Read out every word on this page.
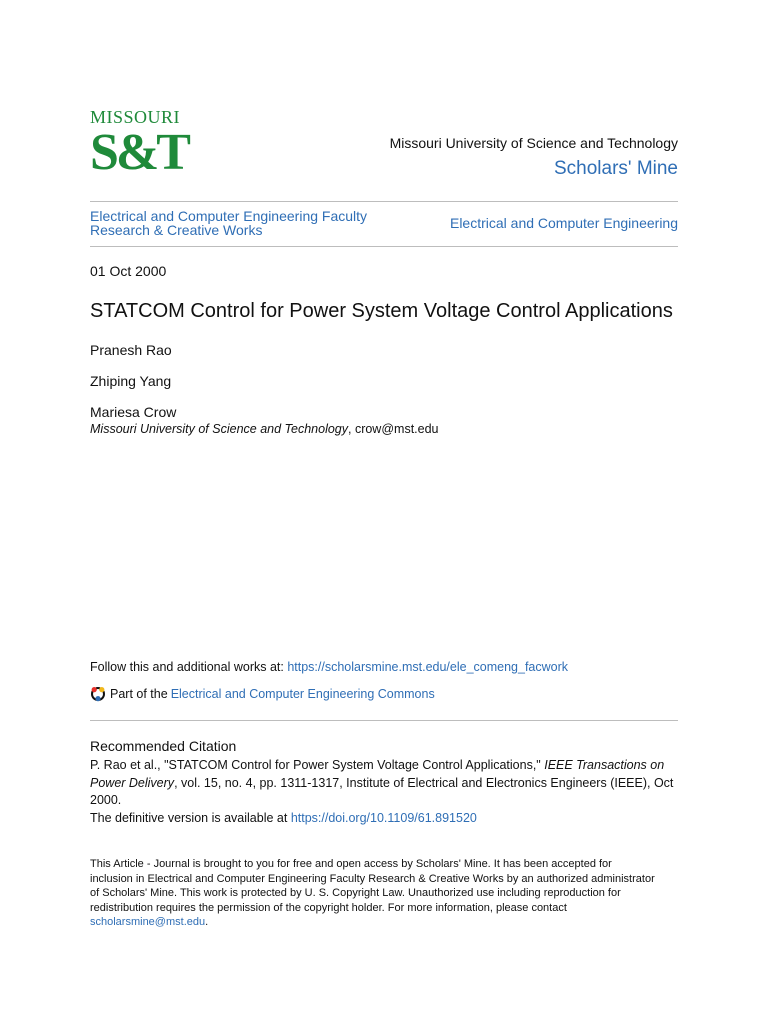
MISSOURI
S&T	Missouri University of Science and Technology
Scholars' Mine
Electrical and Computer Engineering Faculty
Research & Creative Works	Electrical and Computer Engineering
01 Oct 2000
STATCOM Control for Power System Voltage Control Applications
Pranesh Rao
Zhiping Yang
Mariesa Crow
Missouri University of Science and Technology, crow@mst.edu
Follow this and additional works at: https://scholarsmine.mst.edu/ele_comeng_facwork
Part of the Electrical and Computer Engineering Commons
Recommended Citation
P. Rao et al., "STATCOM Control for Power System Voltage Control Applications," IEEE Transactions on Power Delivery, vol. 15, no. 4, pp. 1311-1317, Institute of Electrical and Electronics Engineers (IEEE), Oct 2000.
The definitive version is available at https://doi.org/10.1109/61.891520
This Article - Journal is brought to you for free and open access by Scholars' Mine. It has been accepted for
inclusion in Electrical and Computer Engineering Faculty Research & Creative Works by an authorized administrator
of Scholars' Mine. This work is protected by U. S. Copyright Law. Unauthorized use including reproduction for
redistribution requires the permission of the copyright holder. For more information, please contact
scholarsmine@mst.edu.
